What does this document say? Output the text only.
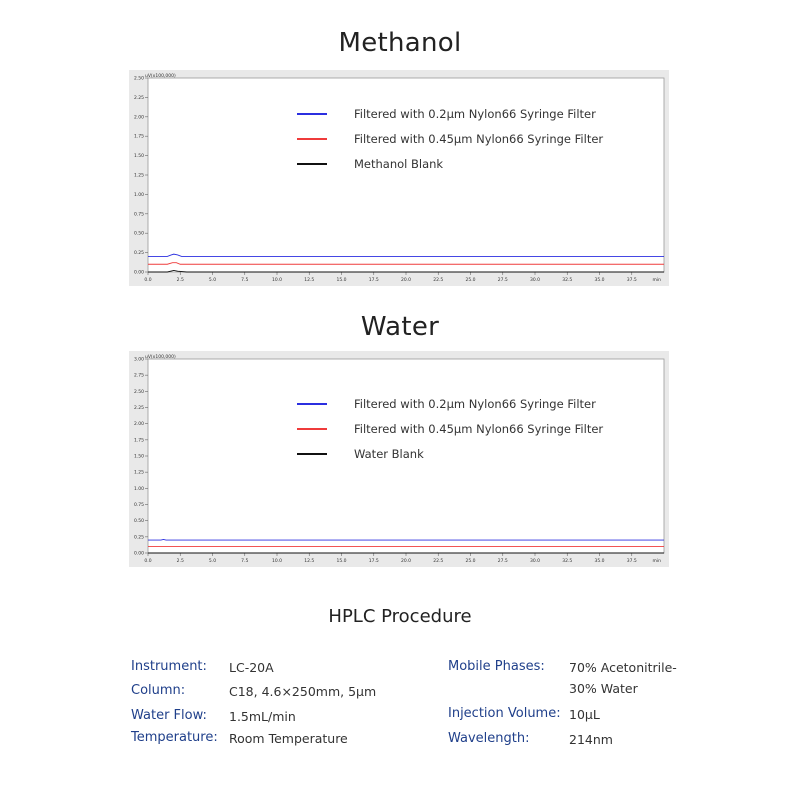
Methanol
uV(x100,000)
0.00
0.25
0.50
0.75
1.00
1.25
1.50
1.75
2.00
2.25
2.50
0.0	2.5	5.0	7.5	10.0	12.5	15.0	17.5	20.0	22.5	25.0	27.5	30.0	32.5	35.0	37.5	min
Filtered with 0.2µm Nylon66 Syringe Filter
Filtered with 0.45µm Nylon66 Syringe Filter
Methanol Blank
Water
uV(x100,000)
0.00
0.25
0.50
0.75
1.00
1.25
1.50
1.75
2.00
2.25
2.50
2.75
3.00
0.0	2.5	5.0	7.5	10.0	12.5	15.0	17.5	20.0	22.5	25.0	27.5	30.0	32.5	35.0	37.5	min
Filtered with 0.2µm Nylon66 Syringe Filter
Filtered with 0.45µm Nylon66 Syringe Filter
Water Blank
HPLC Procedure
Instrument: LC-20A
Column:	C18, 4.6×250mm, 5µm
Water Flow: 1.5mL/min
Temperature: Room Temperature
Mobile Phases: 70% Acetonitrile-
30% Water
Injection Volume: 10µL
Wavelength:	214nm
